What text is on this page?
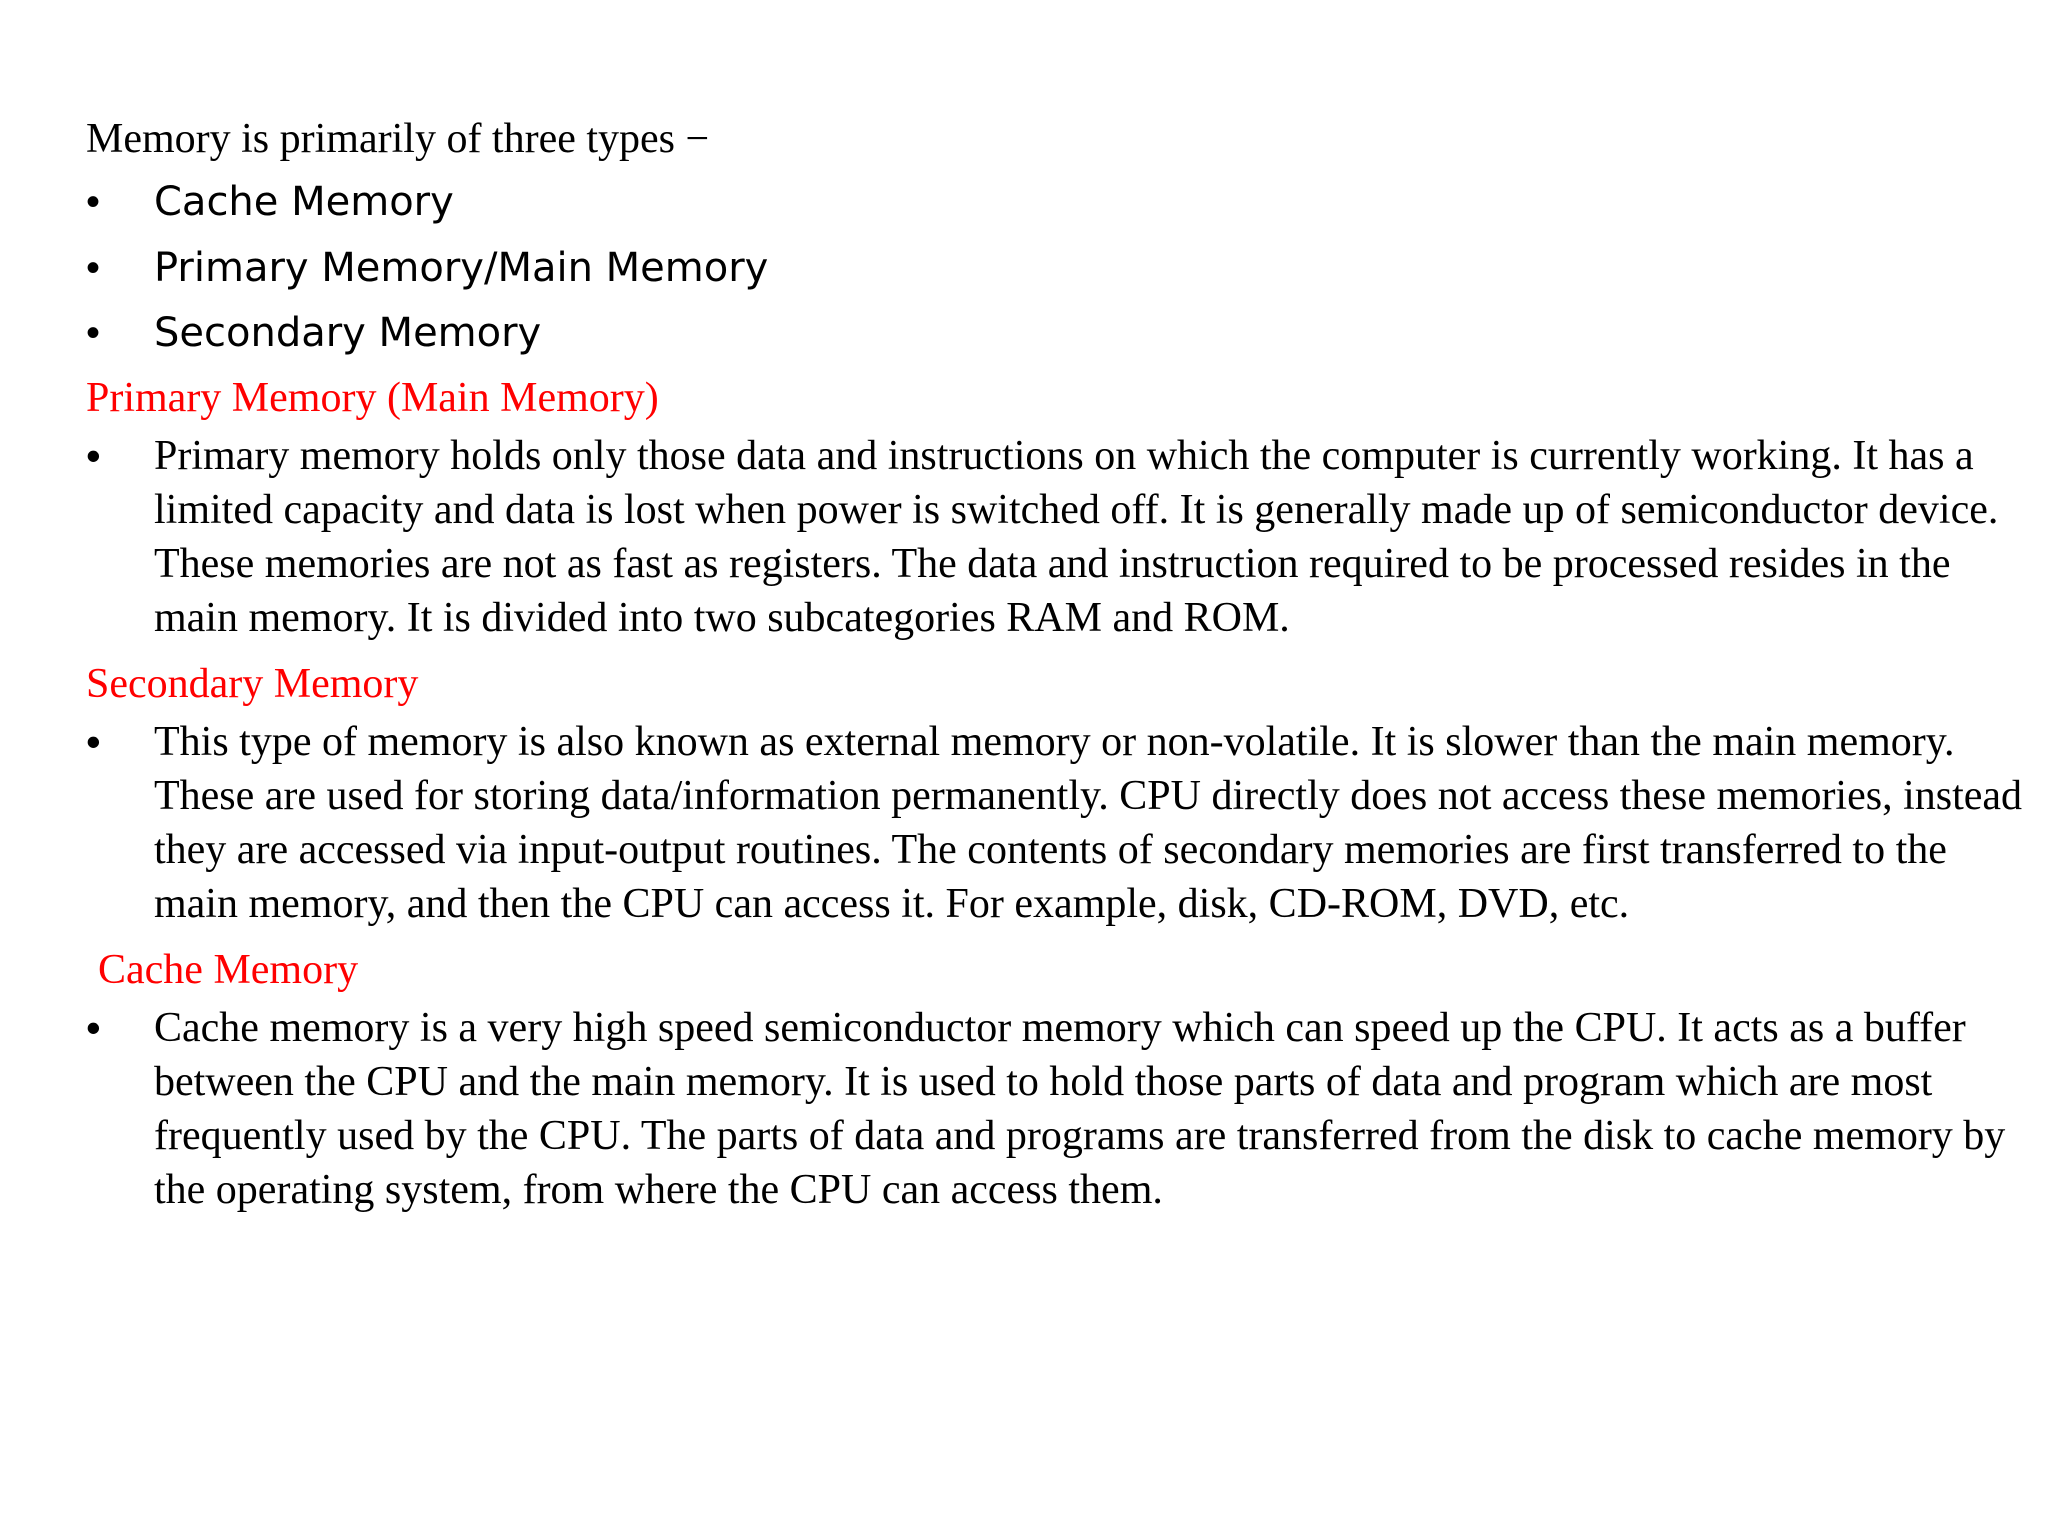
Memory is primarily of three types −

•	Cache Memory
•	Primary Memory/Main Memory
•	Secondary Memory

Primary Memory (Main Memory)

•	Primary memory holds only those data and instructions on which the computer is currently working. It has a limited capacity and data is lost when power is switched off. It is generally made up of semiconductor device. These memories are not as fast as registers. The data and instruction required to be processed resides in the main memory. It is divided into two subcategories RAM and ROM.

Secondary Memory

•	This type of memory is also known as external memory or non-volatile. It is slower than the main memory. These are used for storing data/information permanently. CPU directly does not access these memories, instead they are accessed via input-output routines. The contents of secondary memories are first transferred to the main memory, and then the CPU can access it. For example, disk, CD-ROM, DVD, etc.

Cache Memory

•	Cache memory is a very high speed semiconductor memory which can speed up the CPU. It acts as a buffer between the CPU and the main memory. It is used to hold those parts of data and program which are most frequently used by the CPU. The parts of data and programs are transferred from the disk to cache memory by the operating system, from where the CPU can access them.
